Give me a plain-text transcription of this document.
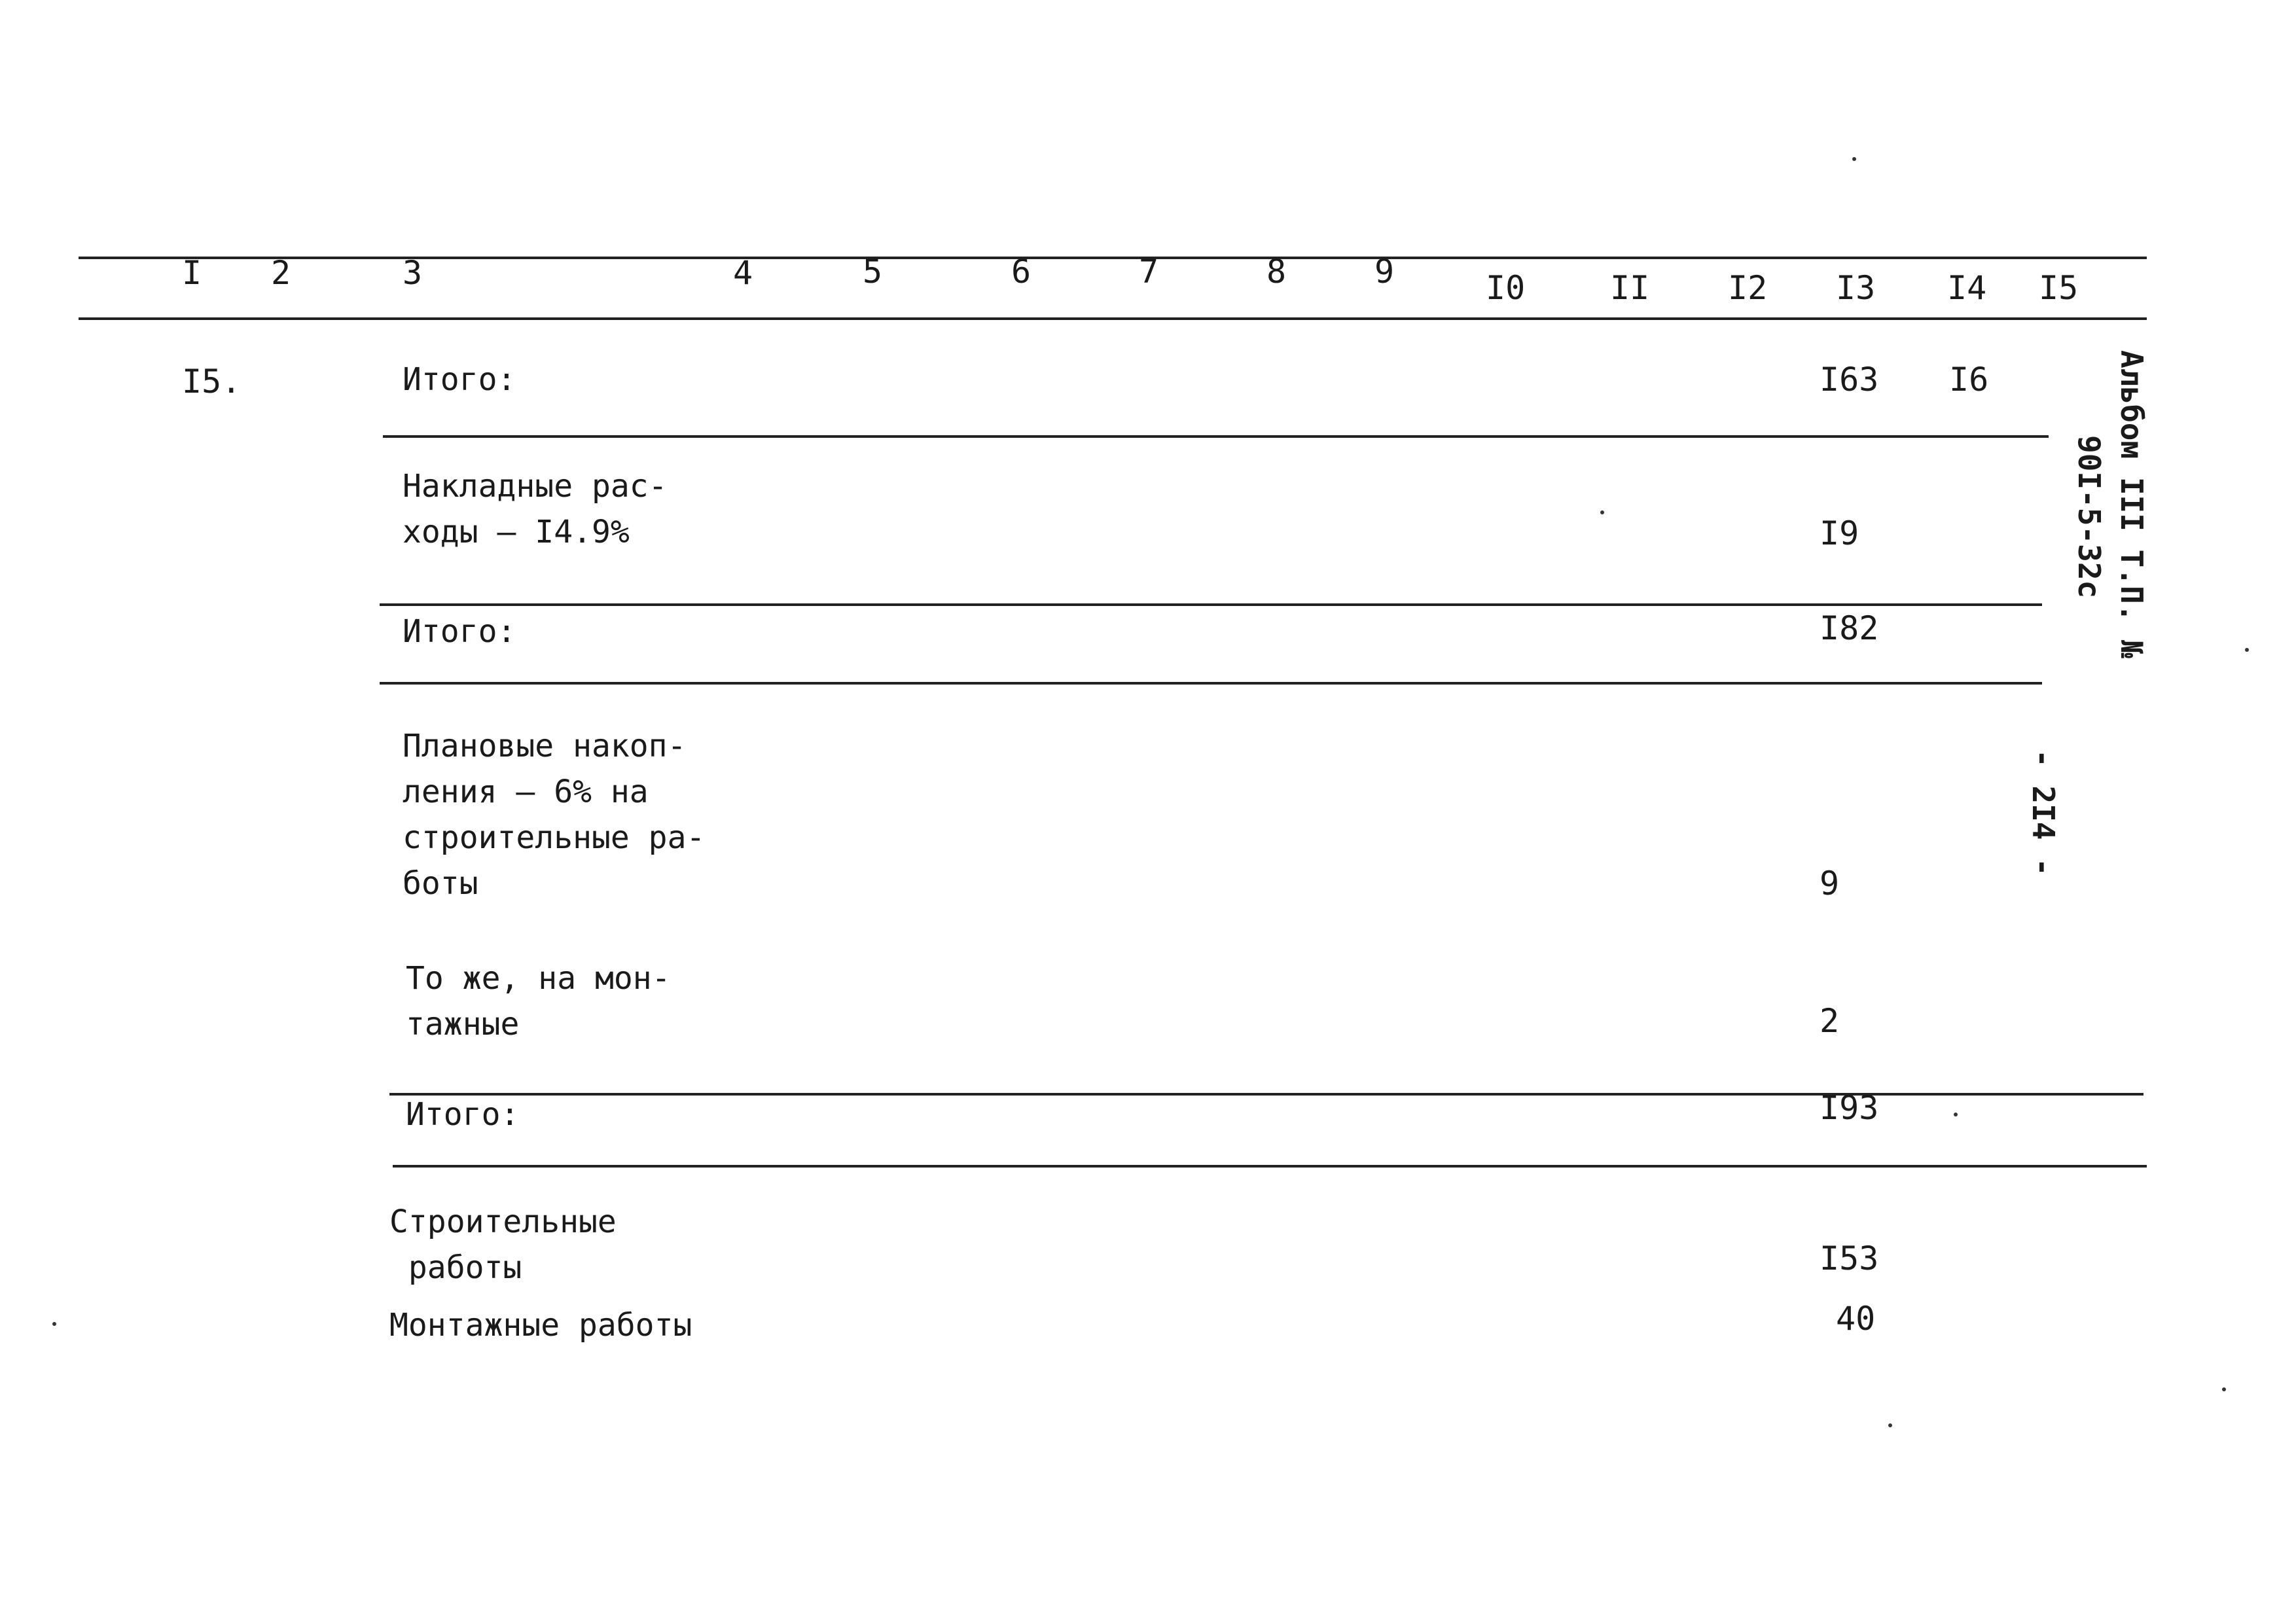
I 2	3	4	5	6	7	8	9	I0	II I2 I3 I4 I5
I5.	Итого:	I63 I6
Накладные рас-
ходы – I4.9%	I9
Итого:	I82
Плановые накоп-
ления – 6% на
строительные ра-
боты	9
То же, на мон-
тажные	2
Итого:	I93
Строительные
работы	I53
Монтажные работы	40
Альбом III Т.П. №
90I-5-32с
- 2I4 -
